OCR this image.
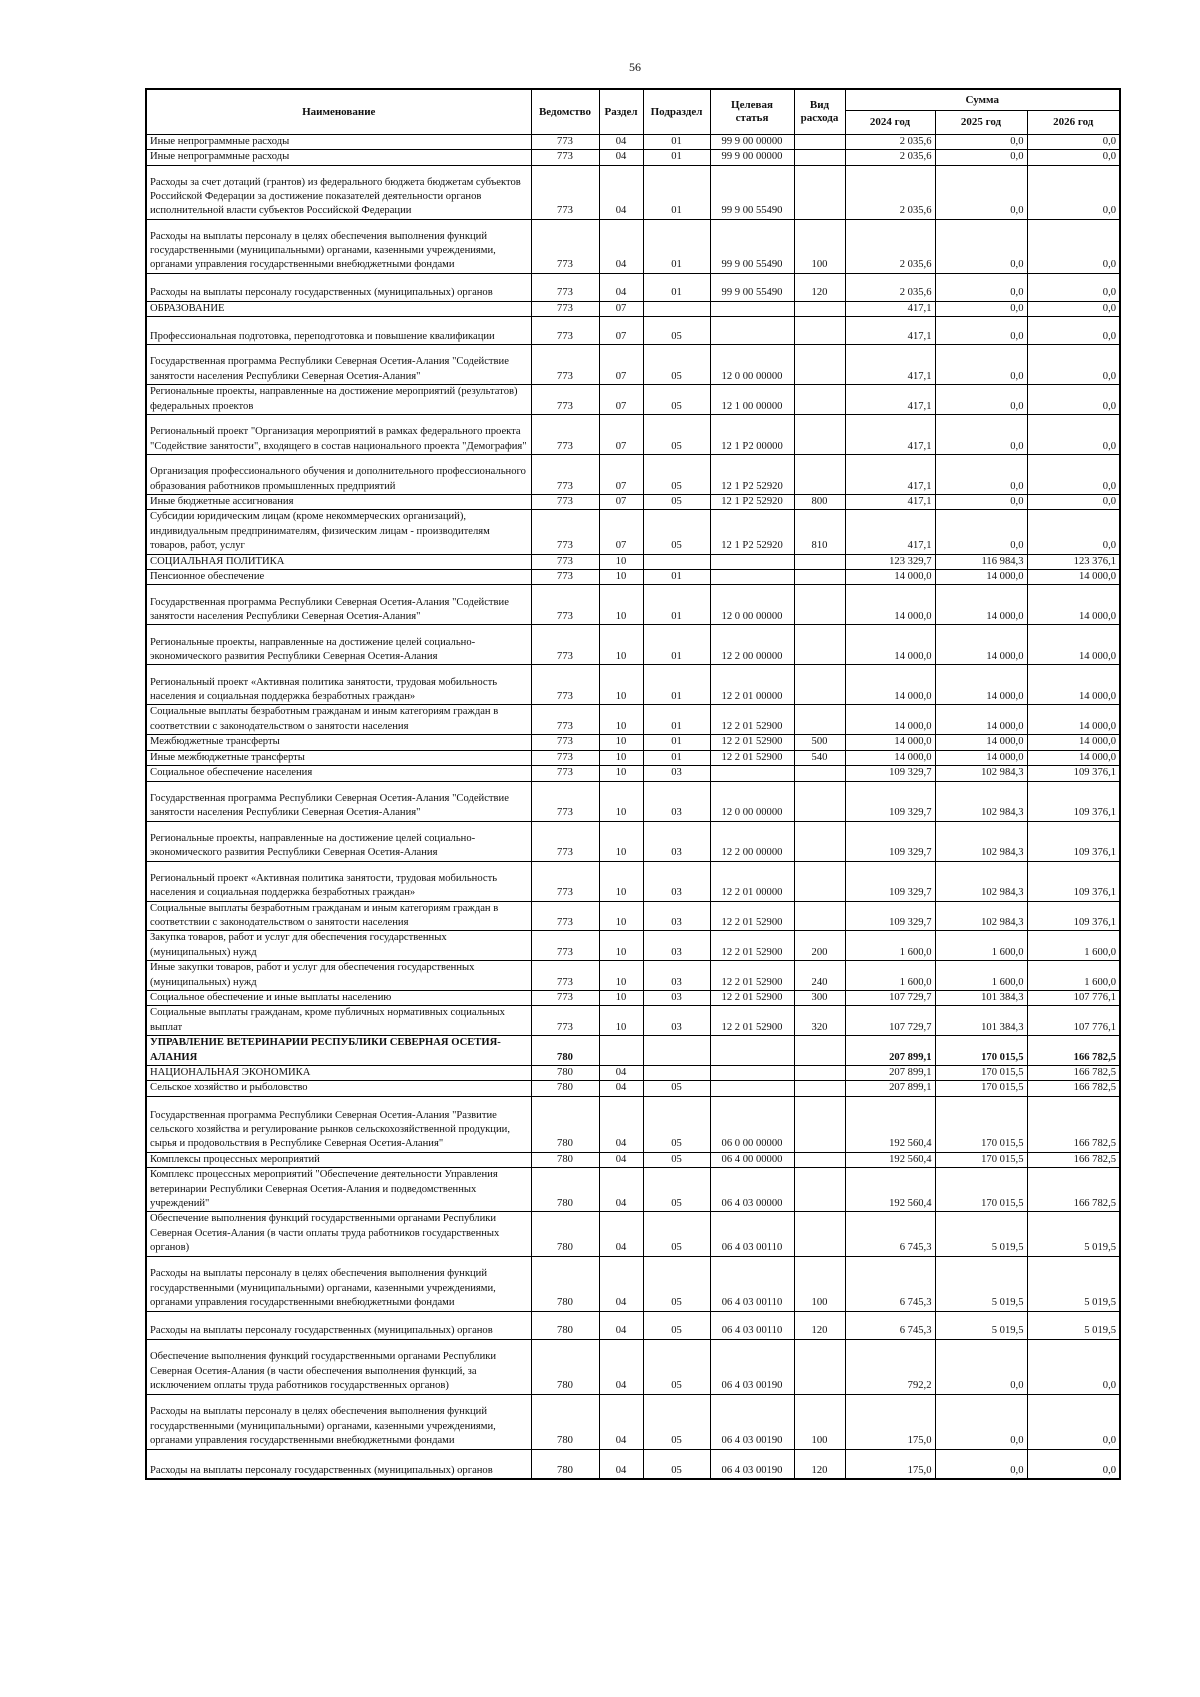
56
Наименование	Ведомство	Раздел	Подраздел	Целевая статья	Вид расхода	Сумма		
						2024 год	2025 год	2026 год
Иные непрограммные расходы	773	04	01	99 9 00 00000		2 035,6	0,0	0,0
Иные непрограммные расходы	773	04	01	99 9 00 00000		2 035,6	0,0	0,0
Расходы за счет дотаций (грантов) из федерального бюджета бюджетам субъектов Российской Федерации за достижение показателей деятельности органов исполнительной власти субъектов Российской Федерации	773	04	01	99 9 00 55490		2 035,6	0,0	0,0
Расходы на выплаты персоналу в целях обеспечения выполнения функций государственными (муниципальными) органами, казенными учреждениями, органами управления государственными внебюджетными фондами	773	04	01	99 9 00 55490	100	2 035,6	0,0	0,0
Расходы на выплаты персоналу государственных (муниципальных) органов	773	04	01	99 9 00 55490	120	2 035,6	0,0	0,0
ОБРАЗОВАНИЕ	773	07				417,1	0,0	0,0
Профессиональная подготовка, переподготовка и повышение квалификации	773	07	05			417,1	0,0	0,0
Государственная программа Республики Северная Осетия-Алания "Содействие занятости населения Республики Северная Осетия-Алания"	773	07	05	12 0 00 00000		417,1	0,0	0,0
Региональные проекты, направленные на достижение мероприятий (результатов) федеральных проектов	773	07	05	12 1 00 00000		417,1	0,0	0,0
Региональный проект "Организация мероприятий в рамках федерального проекта "Содействие занятости", входящего в состав национального проекта "Демография"	773	07	05	12 1 P2 00000		417,1	0,0	0,0
Организация профессионального обучения и дополнительного профессионального образования работников промышленных предприятий	773	07	05	12 1 P2 52920		417,1	0,0	0,0
Иные бюджетные ассигнования	773	07	05	12 1 P2 52920	800	417,1	0,0	0,0
Субсидии юридическим лицам (кроме некоммерческих организаций), индивидуальным предпринимателям, физическим лицам - производителям товаров, работ, услуг	773	07	05	12 1 P2 52920	810	417,1	0,0	0,0
СОЦИАЛЬНАЯ ПОЛИТИКА	773	10				123 329,7	116 984,3	123 376,1
Пенсионное обеспечение	773	10	01			14 000,0	14 000,0	14 000,0
Государственная программа Республики Северная Осетия-Алания "Содействие занятости населения Республики Северная Осетия-Алания"	773	10	01	12 0 00 00000		14 000,0	14 000,0	14 000,0
Региональные проекты, направленные на достижение целей социально-экономического развития Республики Северная Осетия-Алания	773	10	01	12 2 00 00000		14 000,0	14 000,0	14 000,0
Региональный проект «Активная политика занятости, трудовая мобильность населения и социальная поддержка безработных граждан»	773	10	01	12 2 01 00000		14 000,0	14 000,0	14 000,0
Социальные выплаты безработным гражданам и иным категориям граждан в соответствии с законодательством о занятости населения	773	10	01	12 2 01 52900		14 000,0	14 000,0	14 000,0
Межбюджетные трансферты	773	10	01	12 2 01 52900	500	14 000,0	14 000,0	14 000,0
Иные межбюджетные трансферты	773	10	01	12 2 01 52900	540	14 000,0	14 000,0	14 000,0
Социальное обеспечение населения	773	10	03			109 329,7	102 984,3	109 376,1
Государственная программа Республики Северная Осетия-Алания "Содействие занятости населения Республики Северная Осетия-Алания"	773	10	03	12 0 00 00000		109 329,7	102 984,3	109 376,1
Региональные проекты, направленные на достижение целей социально-экономического развития Республики Северная Осетия-Алания	773	10	03	12 2 00 00000		109 329,7	102 984,3	109 376,1
Региональный проект «Активная политика занятости, трудовая мобильность населения и социальная поддержка безработных граждан»	773	10	03	12 2 01 00000		109 329,7	102 984,3	109 376,1
Социальные выплаты безработным гражданам и иным категориям граждан в соответствии с законодательством о занятости населения	773	10	03	12 2 01 52900		109 329,7	102 984,3	109 376,1
Закупка товаров, работ и услуг для обеспечения государственных (муниципальных) нужд	773	10	03	12 2 01 52900	200	1 600,0	1 600,0	1 600,0
Иные закупки товаров, работ и услуг для обеспечения государственных (муниципальных) нужд	773	10	03	12 2 01 52900	240	1 600,0	1 600,0	1 600,0
Социальное обеспечение и иные выплаты населению	773	10	03	12 2 01 52900	300	107 729,7	101 384,3	107 776,1
Социальные выплаты гражданам, кроме публичных нормативных социальных выплат	773	10	03	12 2 01 52900	320	107 729,7	101 384,3	107 776,1
УПРАВЛЕНИЕ ВЕТЕРИНАРИИ РЕСПУБЛИКИ СЕВЕРНАЯ ОСЕТИЯ-АЛАНИЯ	780					207 899,1	170 015,5	166 782,5
НАЦИОНАЛЬНАЯ ЭКОНОМИКА	780	04				207 899,1	170 015,5	166 782,5
Сельское хозяйство и рыболовство	780	04	05			207 899,1	170 015,5	166 782,5
Государственная программа Республики Северная Осетия-Алания "Развитие сельского хозяйства и регулирование рынков сельскохозяйственной продукции, сырья и продовольствия в Республике Северная Осетия-Алания"	780	04	05	06 0 00 00000		192 560,4	170 015,5	166 782,5
Комплексы процессных мероприятий	780	04	05	06 4 00 00000		192 560,4	170 015,5	166 782,5
Комплекс процессных мероприятий "Обеспечение деятельности Управления ветеринарии Республики Северная Осетия-Алания и подведомственных учреждений"	780	04	05	06 4 03 00000		192 560,4	170 015,5	166 782,5
Обеспечение выполнения функций государственными органами Республики Северная Осетия-Алания (в части оплаты труда работников государственных органов)	780	04	05	06 4 03 00110		6 745,3	5 019,5	5 019,5
Расходы на выплаты персоналу в целях обеспечения выполнения функций государственными (муниципальными) органами, казенными учреждениями, органами управления государственными внебюджетными фондами	780	04	05	06 4 03 00110	100	6 745,3	5 019,5	5 019,5
Расходы на выплаты персоналу государственных (муниципальных) органов	780	04	05	06 4 03 00110	120	6 745,3	5 019,5	5 019,5
Обеспечение выполнения функций государственными органами Республики Северная Осетия-Алания (в части обеспечения выполнения функций, за исключением оплаты труда работников государственных органов)	780	04	05	06 4 03 00190		792,2	0,0	0,0
Расходы на выплаты персоналу в целях обеспечения выполнения функций государственными (муниципальными) органами, казенными учреждениями, органами управления государственными внебюджетными фондами	780	04	05	06 4 03 00190	100	175,0	0,0	0,0
Расходы на выплаты персоналу государственных (муниципальных) органов	780	04	05	06 4 03 00190	120	175,0	0,0	0,0
